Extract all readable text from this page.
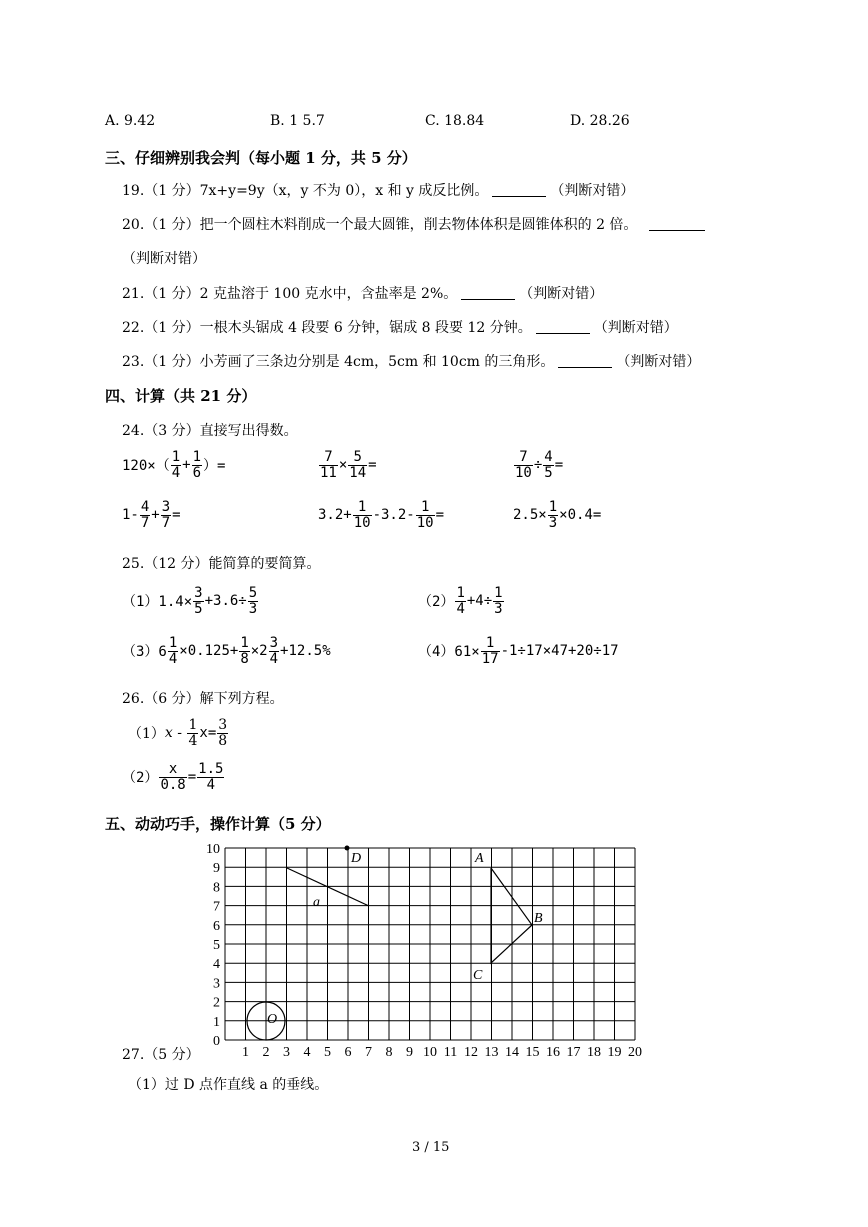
A. 9.42	B. 1 5.7	C. 18.84	D. 28.26
三、仔细辨别我会判（每小题 1 分，共 5 分）
19.（1 分）7x+y=9y（x，y 不为 0），x 和 y 成反比例。	（判断对错）
20.（1 分）把一个圆柱木料削成一个最大圆锥，削去物体体积是圆锥体积的 2 倍。
（判断对错）
21.（1 分）2 克盐溶于 100 克水中，含盐率是 2%。	（判断对错）
22.（1 分）一根木头锯成 4 段要 6 分钟，锯成 8 段要 12 分钟。	（判断对错）
23.（1 分）小芳画了三条边分别是 4cm，5cm 和 10cm 的三角形。	（判断对错）
四、计算（共 21 分）
24.（3 分）直接写出得数。
$120\times( \frac{1}{4} + \frac{1}{6}$ ）=	$\frac{7}{11} \times \frac{5}{14}$ =	$\frac{7}{10} \div \frac{4}{5}$ =
$1- \frac{4}{7} + \frac{3}{7}$ =	$3.2+ \frac{1}{10} -3.2- \frac{1}{10}$ =	$2.5\times \frac{1}{3} \times 0.4=$
25.（12 分）能简算的要简算。
$(1)1.4\times \frac{3}{5} +3.6\div \frac{5}{3}$	$(2) \frac{1}{4} +4\div \frac{1}{3}$
$(3)6 \frac{1}{4} \times 0.125+ \frac{1}{8} \times 2 \frac{3}{4} +12.5\%$	$(4)61\times \frac{1}{17} -1\div 17\times 47+20\div 17$
26.（6 分）解下列方程。
（1） $x - \frac{1}{4} x= \frac{3}{8}$
$(2) \frac{x}{0.8} = \frac{1.5}{4}$
五、动动巧手，操作计算（5 分）
0
1
2
3
4
5
6
7
8
9
10
1 2 3 4 5 6 7 8 9 10 11 12 13 14 15 16 17 18 19 20
a
D	A
B
C
O
27.（5 分）
（1）过 D 点作直线 a 的垂线。
3 / 15
